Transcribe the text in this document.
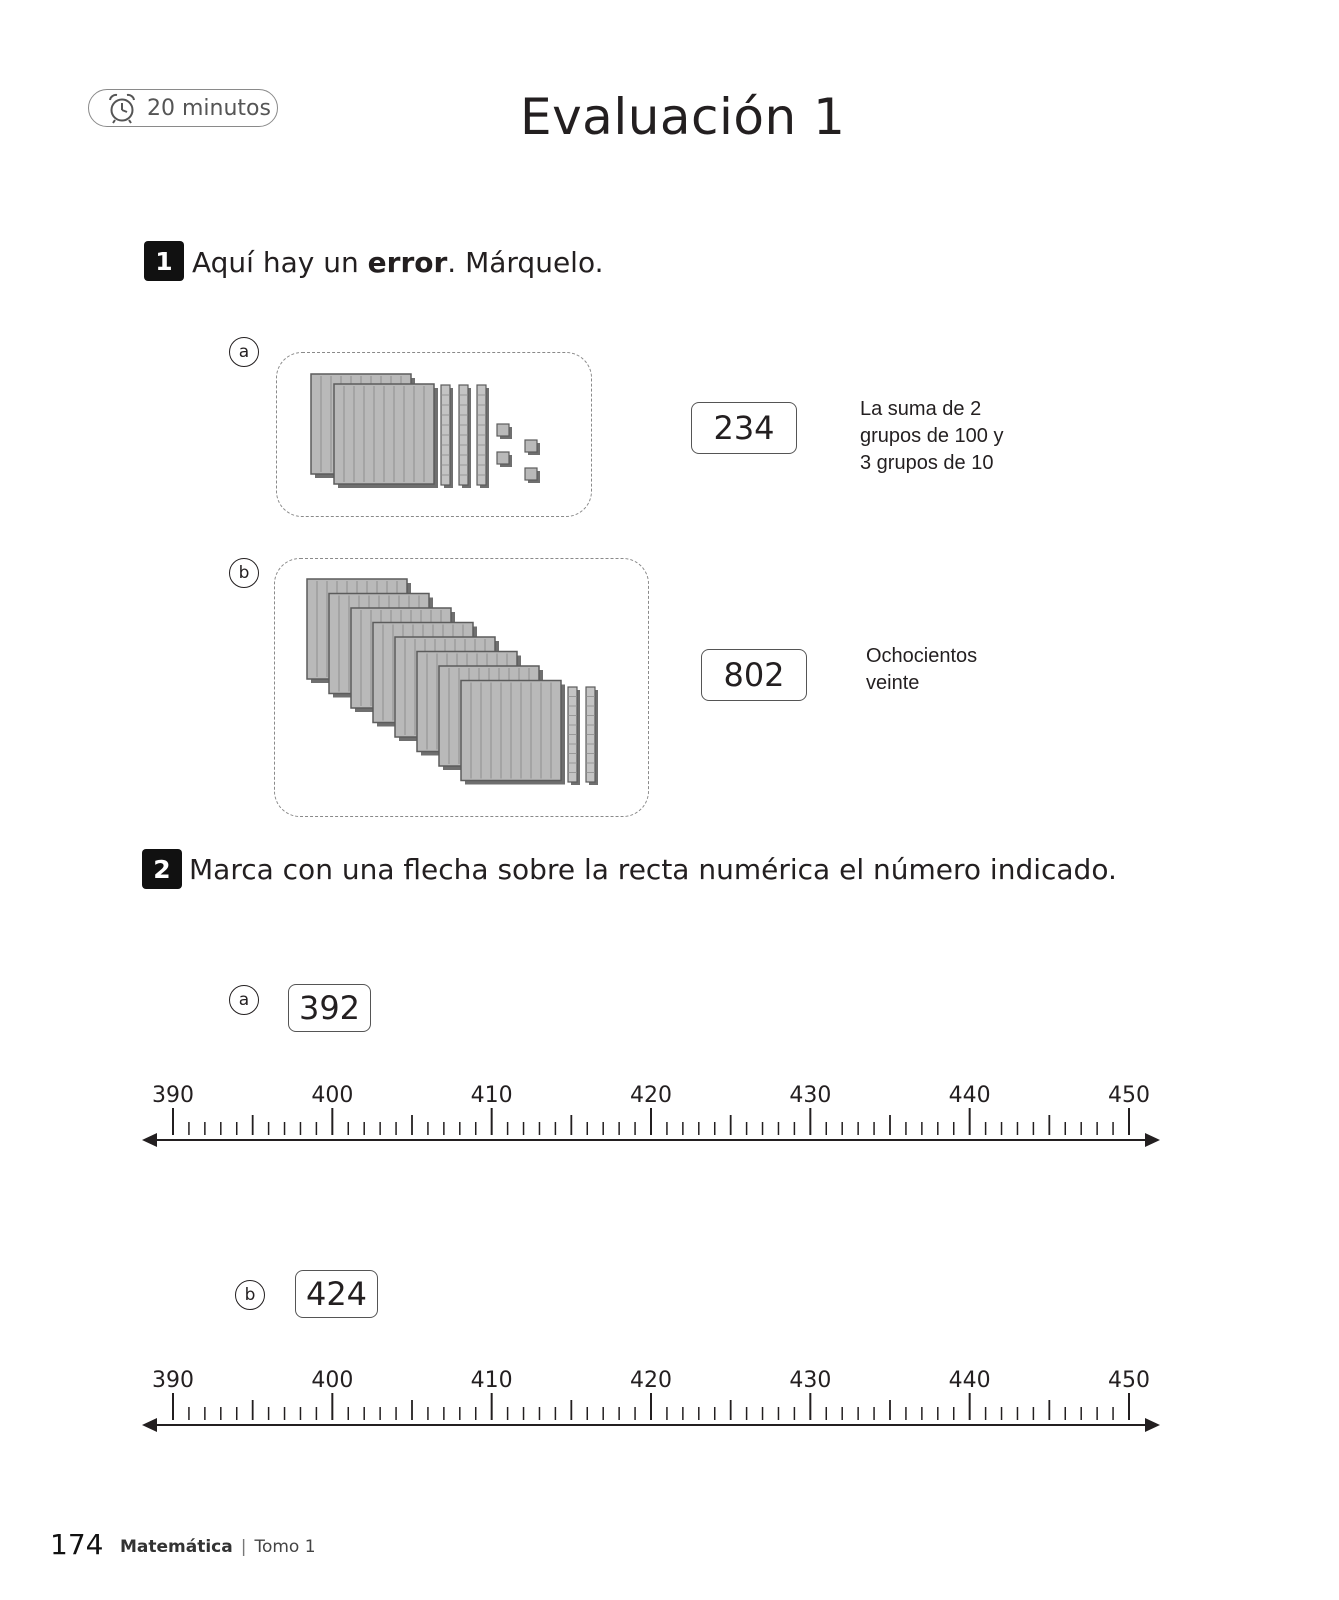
20 minutos	Evaluación 1
1 Aquí hay un error. Márquelo.
a
234	La suma de 2
grupos de 100 y
3 grupos de 10
b
802	Ochocientos
veinte
2 Marca con una flecha sobre la recta numérica el número indicado.
a	392
390	400	410	420	430	440	450
b	424
390	400	410	420	430	440	450
174 Matemática | Tomo 1
